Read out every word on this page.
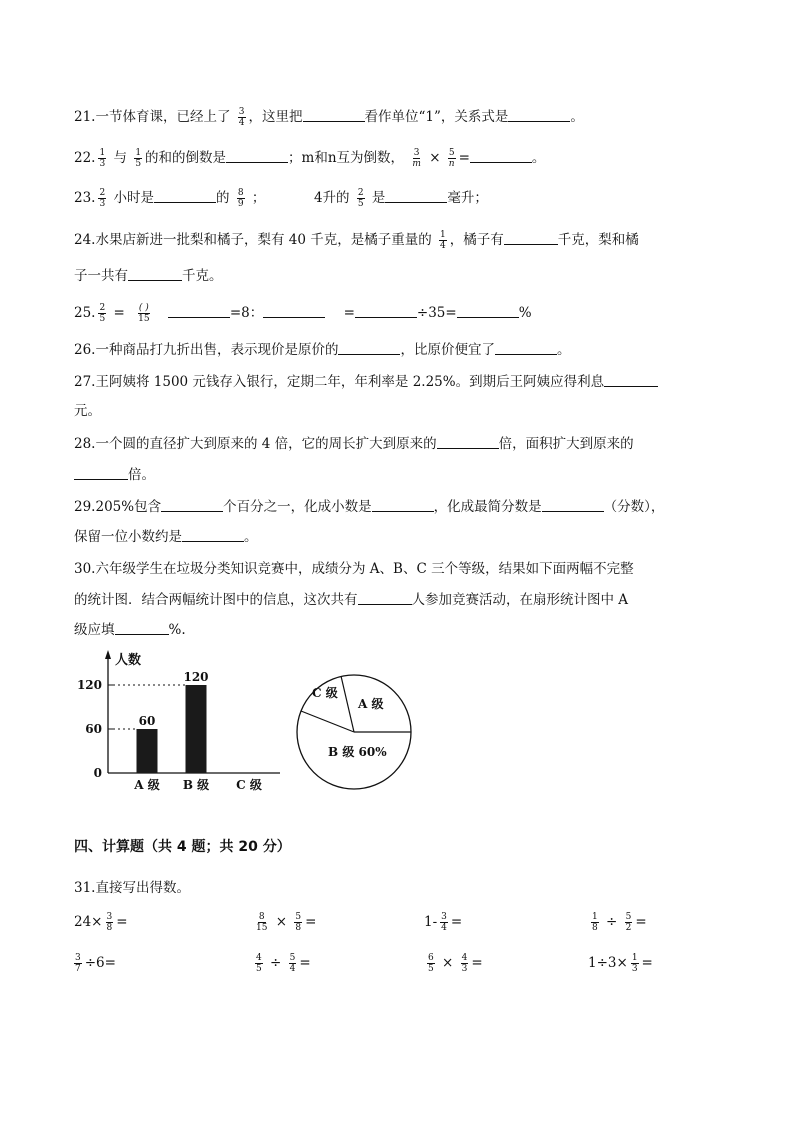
21.一节体育课，已经上了 $\frac{3}{4}$ ，这里把	看作单位“1”，关系式是	。
22. $\frac{1}{3}$ 与 $\frac{1}{5}$ 的和的倒数是	；m和n互为倒数， $\frac{3}{m} \times \frac{5}{n}$ =	。
23. $\frac{2}{3}$ 小时是	的 $\frac{8}{9}$ ；	4升的 $\frac{2}{5}$ 是	毫升；
24.水果店新进一批梨和橘子，梨有 40 千克，是橘子重量的 $\frac{1}{4}$ ，橘子有	千克，梨和橘
子一共有	千克。
25. $\frac{2}{5} = \frac{( )}{15}$	=8：	=	÷35=	%
26.一种商品打九折出售，表示现价是原价的	，比原价便宜了	。
27.王阿姨将 1500 元钱存入银行，定期二年，年利率是 2.25%。到期后王阿姨应得利息
元。
28.一个圆的直径扩大到原来的 4 倍，它的周长扩大到原来的	倍，面积扩大到原来的
倍。
29.205%包含	个百分之一，化成小数是	，化成最简分数是	（分数），
保留一位小数约是	。
30.六年级学生在垃圾分类知识竞赛中，成绩分为 A、B、C 三个等级，结果如下面两幅不完整
的统计图．结合两幅统计图中的信息，这次共有	人参加竞赛活动，在扇形统计图中 A
级应填	%.
人数
0
60
120
A 级
60
B 级
120
C 级
C 级
A 级
B 级 60%
四、计算题（共 4 题；共 20 分）
31.直接写出得数。
$24\times \frac{3}{8}$ =	$\frac{8}{15} \times \frac{5}{8}$ =	$1- \frac{3}{4}$ =	$\frac{1}{8} \div \frac{5}{2}$ =
$\frac{3}{7} \div 6=$	$\frac{4}{5} \div \frac{5}{4}$ =	$\frac{6}{5} \times \frac{4}{3}$ =	$1\div 3\times \frac{1}{3}$ =
